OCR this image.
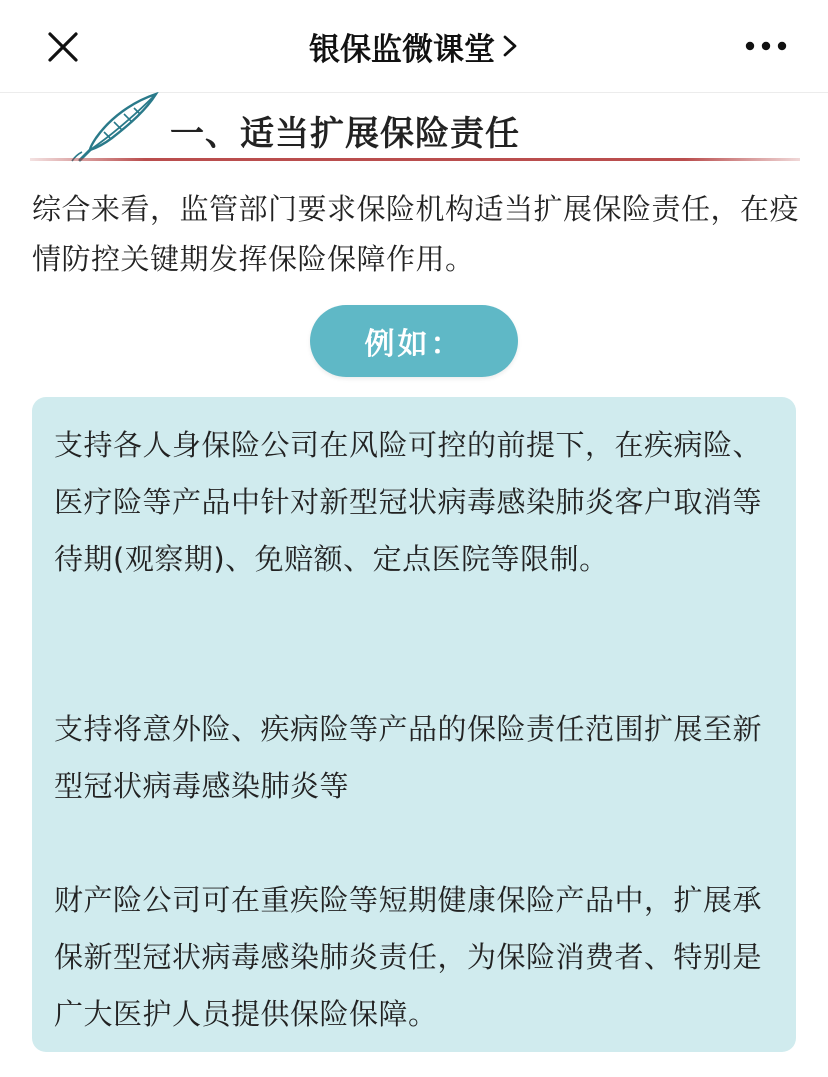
银保监微课堂
一、适当扩展保险责任
综合来看，监管部门要求保险机构适当扩展保险责任，在疫情防控关键期发挥保险保障作用。
例如：
支持各人身保险公司在风险可控的前提下，在疾病险、医疗险等产品中针对新型冠状病毒感染肺炎客户取消等待期(观察期)、免赔额、定点医院等限制。
支持将意外险、疾病险等产品的保险责任范围扩展至新型冠状病毒感染肺炎等
财产险公司可在重疾险等短期健康保险产品中，扩展承保新型冠状病毒感染肺炎责任，为保险消费者、特别是广大医护人员提供保险保障。
